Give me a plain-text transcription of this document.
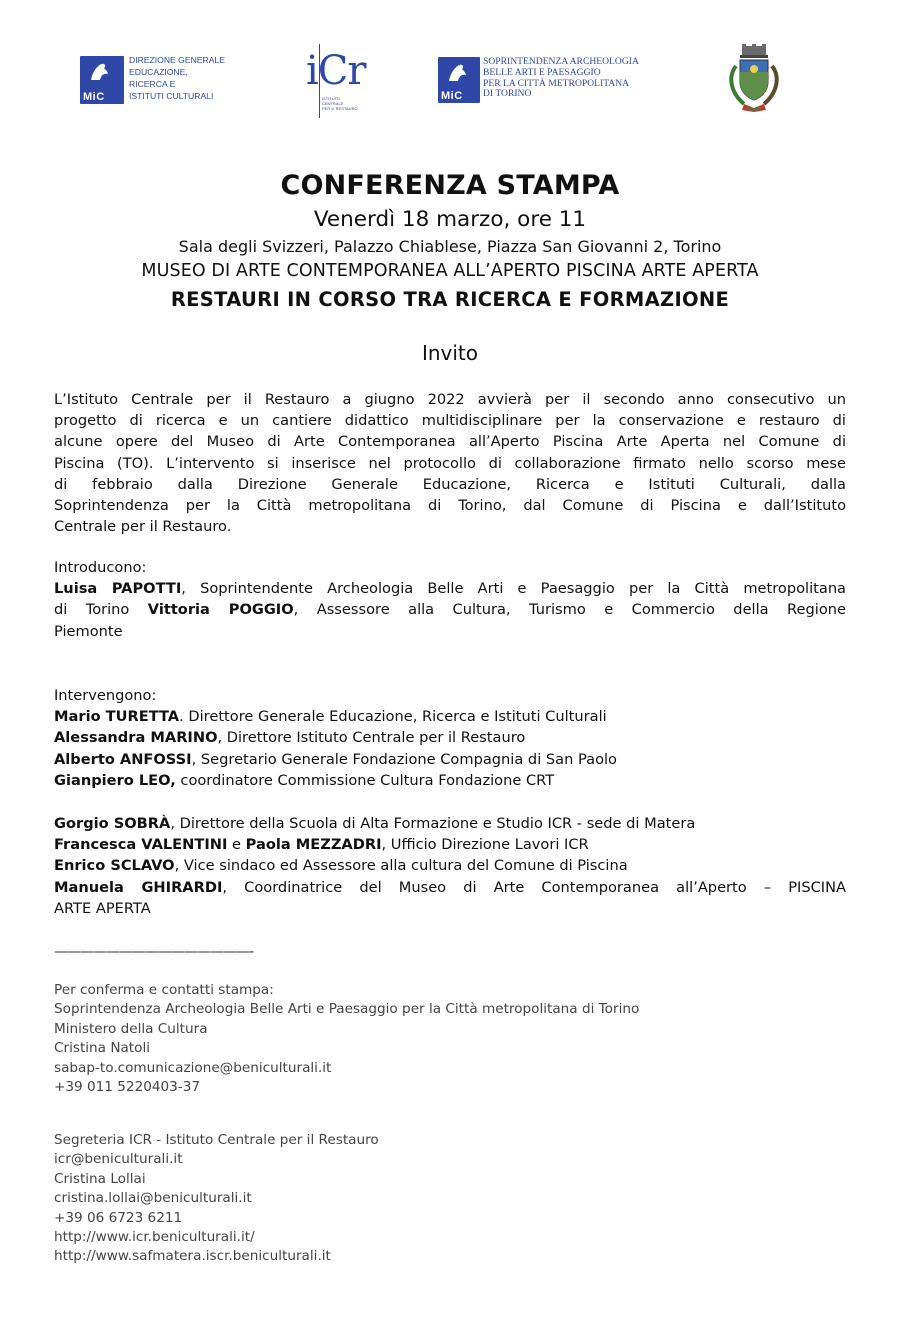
MiC
DIREZIONE GENERALE
EDUCAZIONE,
RICERCA E
ISTITUTI CULTURALI
iCr
ISTITUTO
CENTRALE
PER IL RESTAURO
MiC
SOPRINTENDENZA ARCHEOLOGIA
BELLE ARTI E PAESAGGIO
PER LA CITTÀ METROPOLITANA
DI TORINO
CONFERENZA STAMPA
Venerdì 18 marzo, ore 11
Sala degli Svizzeri, Palazzo Chiablese, Piazza San Giovanni 2, Torino
MUSEO DI ARTE CONTEMPORANEA ALL’APERTO PISCINA ARTE APERTA
RESTAURI IN CORSO TRA RICERCA E FORMAZIONE
Invito
L’Istituto Centrale per il Restauro a giugno 2022 avvierà per il secondo anno consecutivo un
progetto di ricerca e un cantiere didattico multidisciplinare per la conservazione e restauro di
alcune opere del Museo di Arte Contemporanea all’Aperto Piscina Arte Aperta nel Comune di
Piscina (TO). L’intervento si inserisce nel protocollo di collaborazione firmato nello scorso mese
di febbraio dalla Direzione Generale Educazione, Ricerca e Istituti Culturali, dalla
Soprintendenza per la Città metropolitana di Torino, dal Comune di Piscina e dall’Istituto
Centrale per il Restauro.
Introducono:
Luisa PAPOTTI, Soprintendente Archeologia Belle Arti e Paesaggio per la Città metropolitana
di Torino Vittoria POGGIO, Assessore alla Cultura, Turismo e Commercio della Regione
Piemonte
Intervengono:
Mario TURETTA. Direttore Generale Educazione, Ricerca e Istituti Culturali
Alessandra MARINO, Direttore Istituto Centrale per il Restauro
Alberto ANFOSSI, Segretario Generale Fondazione Compagnia di San Paolo
Gianpiero LEO, coordinatore Commissione Cultura Fondazione CRT
Gorgio SOBRÀ, Direttore della Scuola di Alta Formazione e Studio ICR - sede di Matera
Francesca VALENTINI e Paola MEZZADRI, Ufficio Direzione Lavori ICR
Enrico SCLAVO, Vice sindaco ed Assessore alla cultura del Comune di Piscina
Manuela GHIRARDI, Coordinatrice del Museo di Arte Contemporanea all’Aperto – PISCINA
ARTE APERTA
———————————————-
Per conferma e contatti stampa:
Soprintendenza Archeologia Belle Arti e Paesaggio per la Città metropolitana di Torino
Ministero della Cultura
Cristina Natoli
sabap-to.comunicazione@beniculturali.it
+39 011 5220403-37
Segreteria ICR - Istituto Centrale per il Restauro
icr@beniculturali.it
Cristina Lollai
cristina.lollai@beniculturali.it
+39 06 6723 6211
http://www.icr.beniculturali.it/
http://www.safmatera.iscr.beniculturali.it
